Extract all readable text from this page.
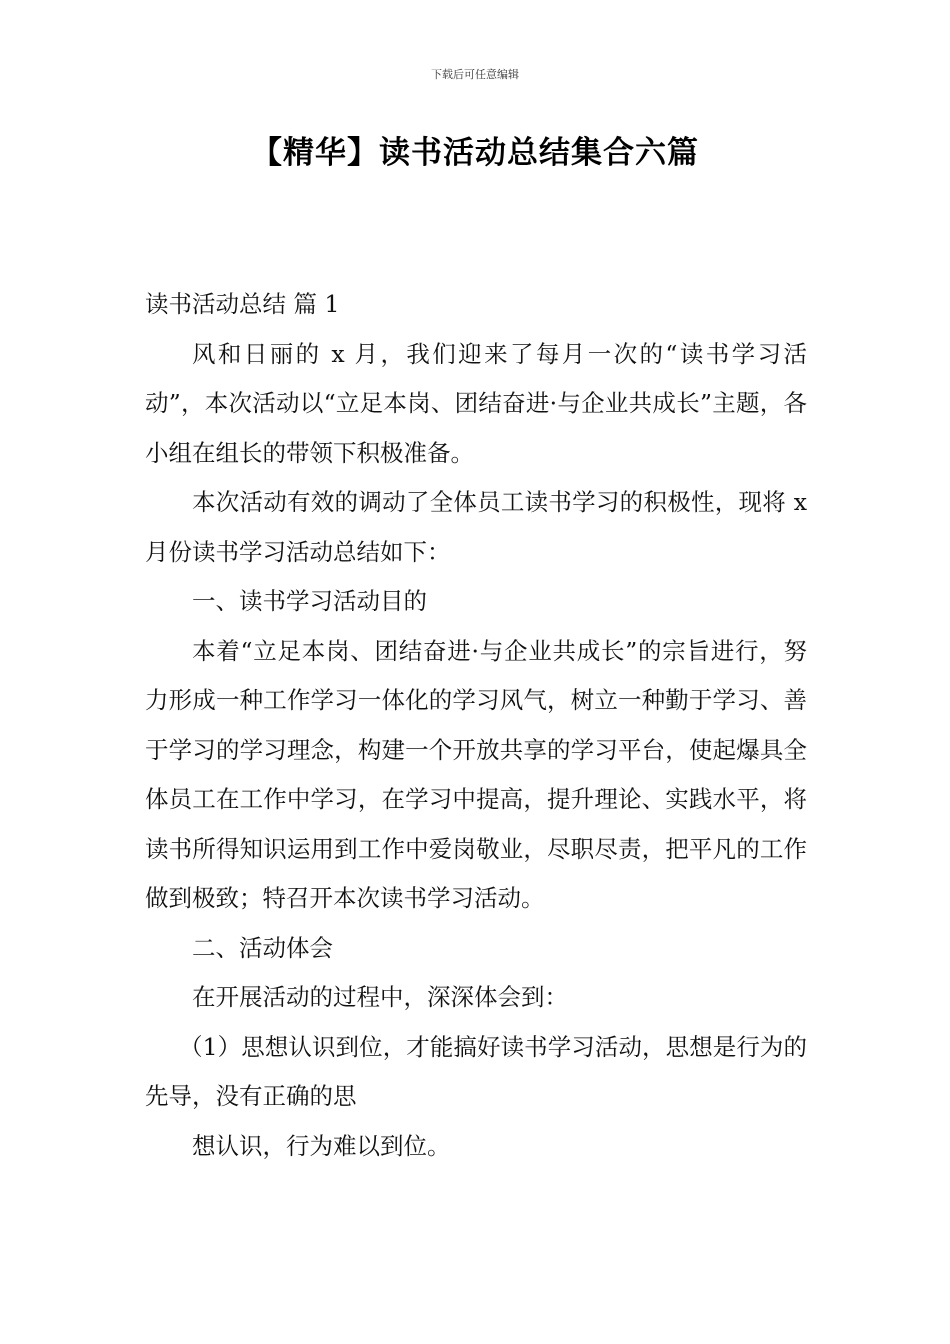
下载后可任意编辑
【精华】读书活动总结集合六篇

读书活动总结 篇 1

风和日丽的 x 月，我们迎来了每月一次的“读书学习活动”，本次活动以“立足本岗、团结奋进·与企业共成长”主题，各小组在组长的带领下积极准备。

本次活动有效的调动了全体员工读书学习的积极性，现将 x 月份读书学习活动总结如下：

一、读书学习活动目的

本着“立足本岗、团结奋进·与企业共成长”的宗旨进行，努力形成一种工作学习一体化的学习风气，树立一种勤于学习、善于学习的学习理念，构建一个开放共享的学习平台，使起爆具全体员工在工作中学习，在学习中提高，提升理论、实践水平，将读书所得知识运用到工作中爱岗敬业，尽职尽责，把平凡的工作做到极致；特召开本次读书学习活动。

二、活动体会

在开展活动的过程中，深深体会到：

（1）思想认识到位，才能搞好读书学习活动，思想是行为的先导，没有正确的思

想认识，行为难以到位。
